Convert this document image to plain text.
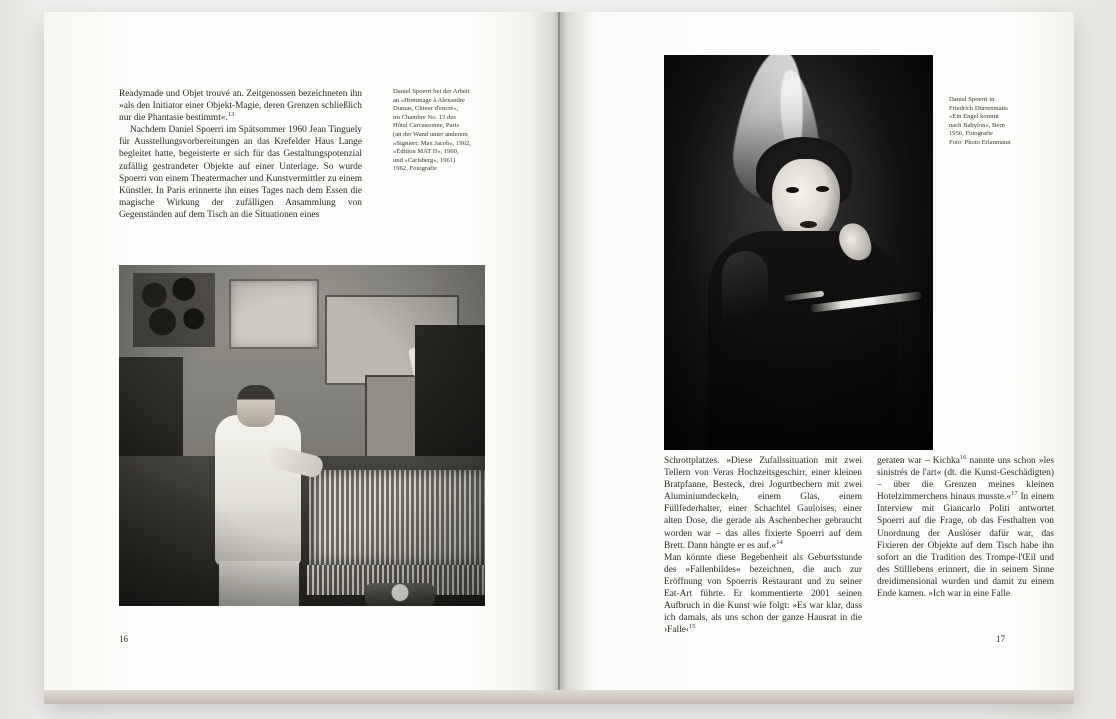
Readymade und Objet trouvé an. Zeitgenossen bezeichneten ihn »als den Initiator einer Objekt-Magie, deren Grenzen schließlich nur die Phantasie bestimmt«.$^{13}$

Nachdem Daniel Spoerri im Spätsommer 1960 Jean Tinguely für Ausstellungsvorbereitungen an das Krefelder Haus Lange begleitet hatte, begeisterte er sich für das Gestaltungspotenzial zufällig gestrandeter Objekte auf einer Unterlage. So wurde Spoerri von einem Theatermacher und Kunstvermittler zu einem Künstler. In Paris erinnerte ihn eines Tages nach dem Essen die magische Wirkung der zufälligen Ansammlung von Gegenständen auf dem Tisch an die Situationen eines

Daniel Spoerri bei der Arbeit

an »Hommage à Alexandre

Dumas, Chieur d'encre«,

im Chambre No. 13 des

Hôtel Carcassonne, Paris

(an der Wand unter anderem

»Signiert: Max Jacob«, 1962,

»Édition MAT II«, 1960,

und »Carlsberg«, 1961)

1962, Fotografie

16

Daniel Spoerri in

Friedrich Dürrenmatts

»Ein Engel kommt

nach Babylon«, Bern

1956, Fotografie

Foto: Photo Erlanmann

Schrottplatzes. »Diese Zufallssituation mit zwei Tellern von Veras Hochzeitsgeschirr, einer kleinen Bratpfanne, Besteck, drei Jogurtbechern mit zwei Aluminiumdeckeln, einem Glas, einem Füllfederhalter, einer Schachtel Gauloises, einer alten Dose, die gerade als Aschenbecher gebraucht worden war – das alles fixierte Spoerri auf dem Brett. Dann hängte er es auf.«$^{14}$

Man könnte diese Begebenheit als Geburtsstunde des »Fallenbildes« bezeichnen, die auch zur Eröffnung von Spoerris Restaurant und zu seiner Eat-Art führte. Er kommentierte 2001 seinen Aufbruch in die Kunst wie folgt: »Es war klar, dass ich damals, als uns schon der ganze Hausrat in die ›Falle‹$^{15}$

geraten war – Kichka$^{16}$ nannte uns schon »les sinistrés de l'art« (dt. die Kunst-Geschädigten) – über die Grenzen meines kleinen Hotelzimmerchens hinaus musste.«$^{17}$ In einem Interview mit Giancarlo Politi antwortet Spoerri auf die Frage, ob das Festhalten von Unordnung der Auslöser dafür war, das Fixieren der Objekte auf dem Tisch habe ihn sofort an die Tradition des Trompe-l'Œil und des Stilllebens erinnert, die in seinem Sinne dreidimensional wurden und damit zu einem Ende kamen. »Ich war in eine Falle

17
